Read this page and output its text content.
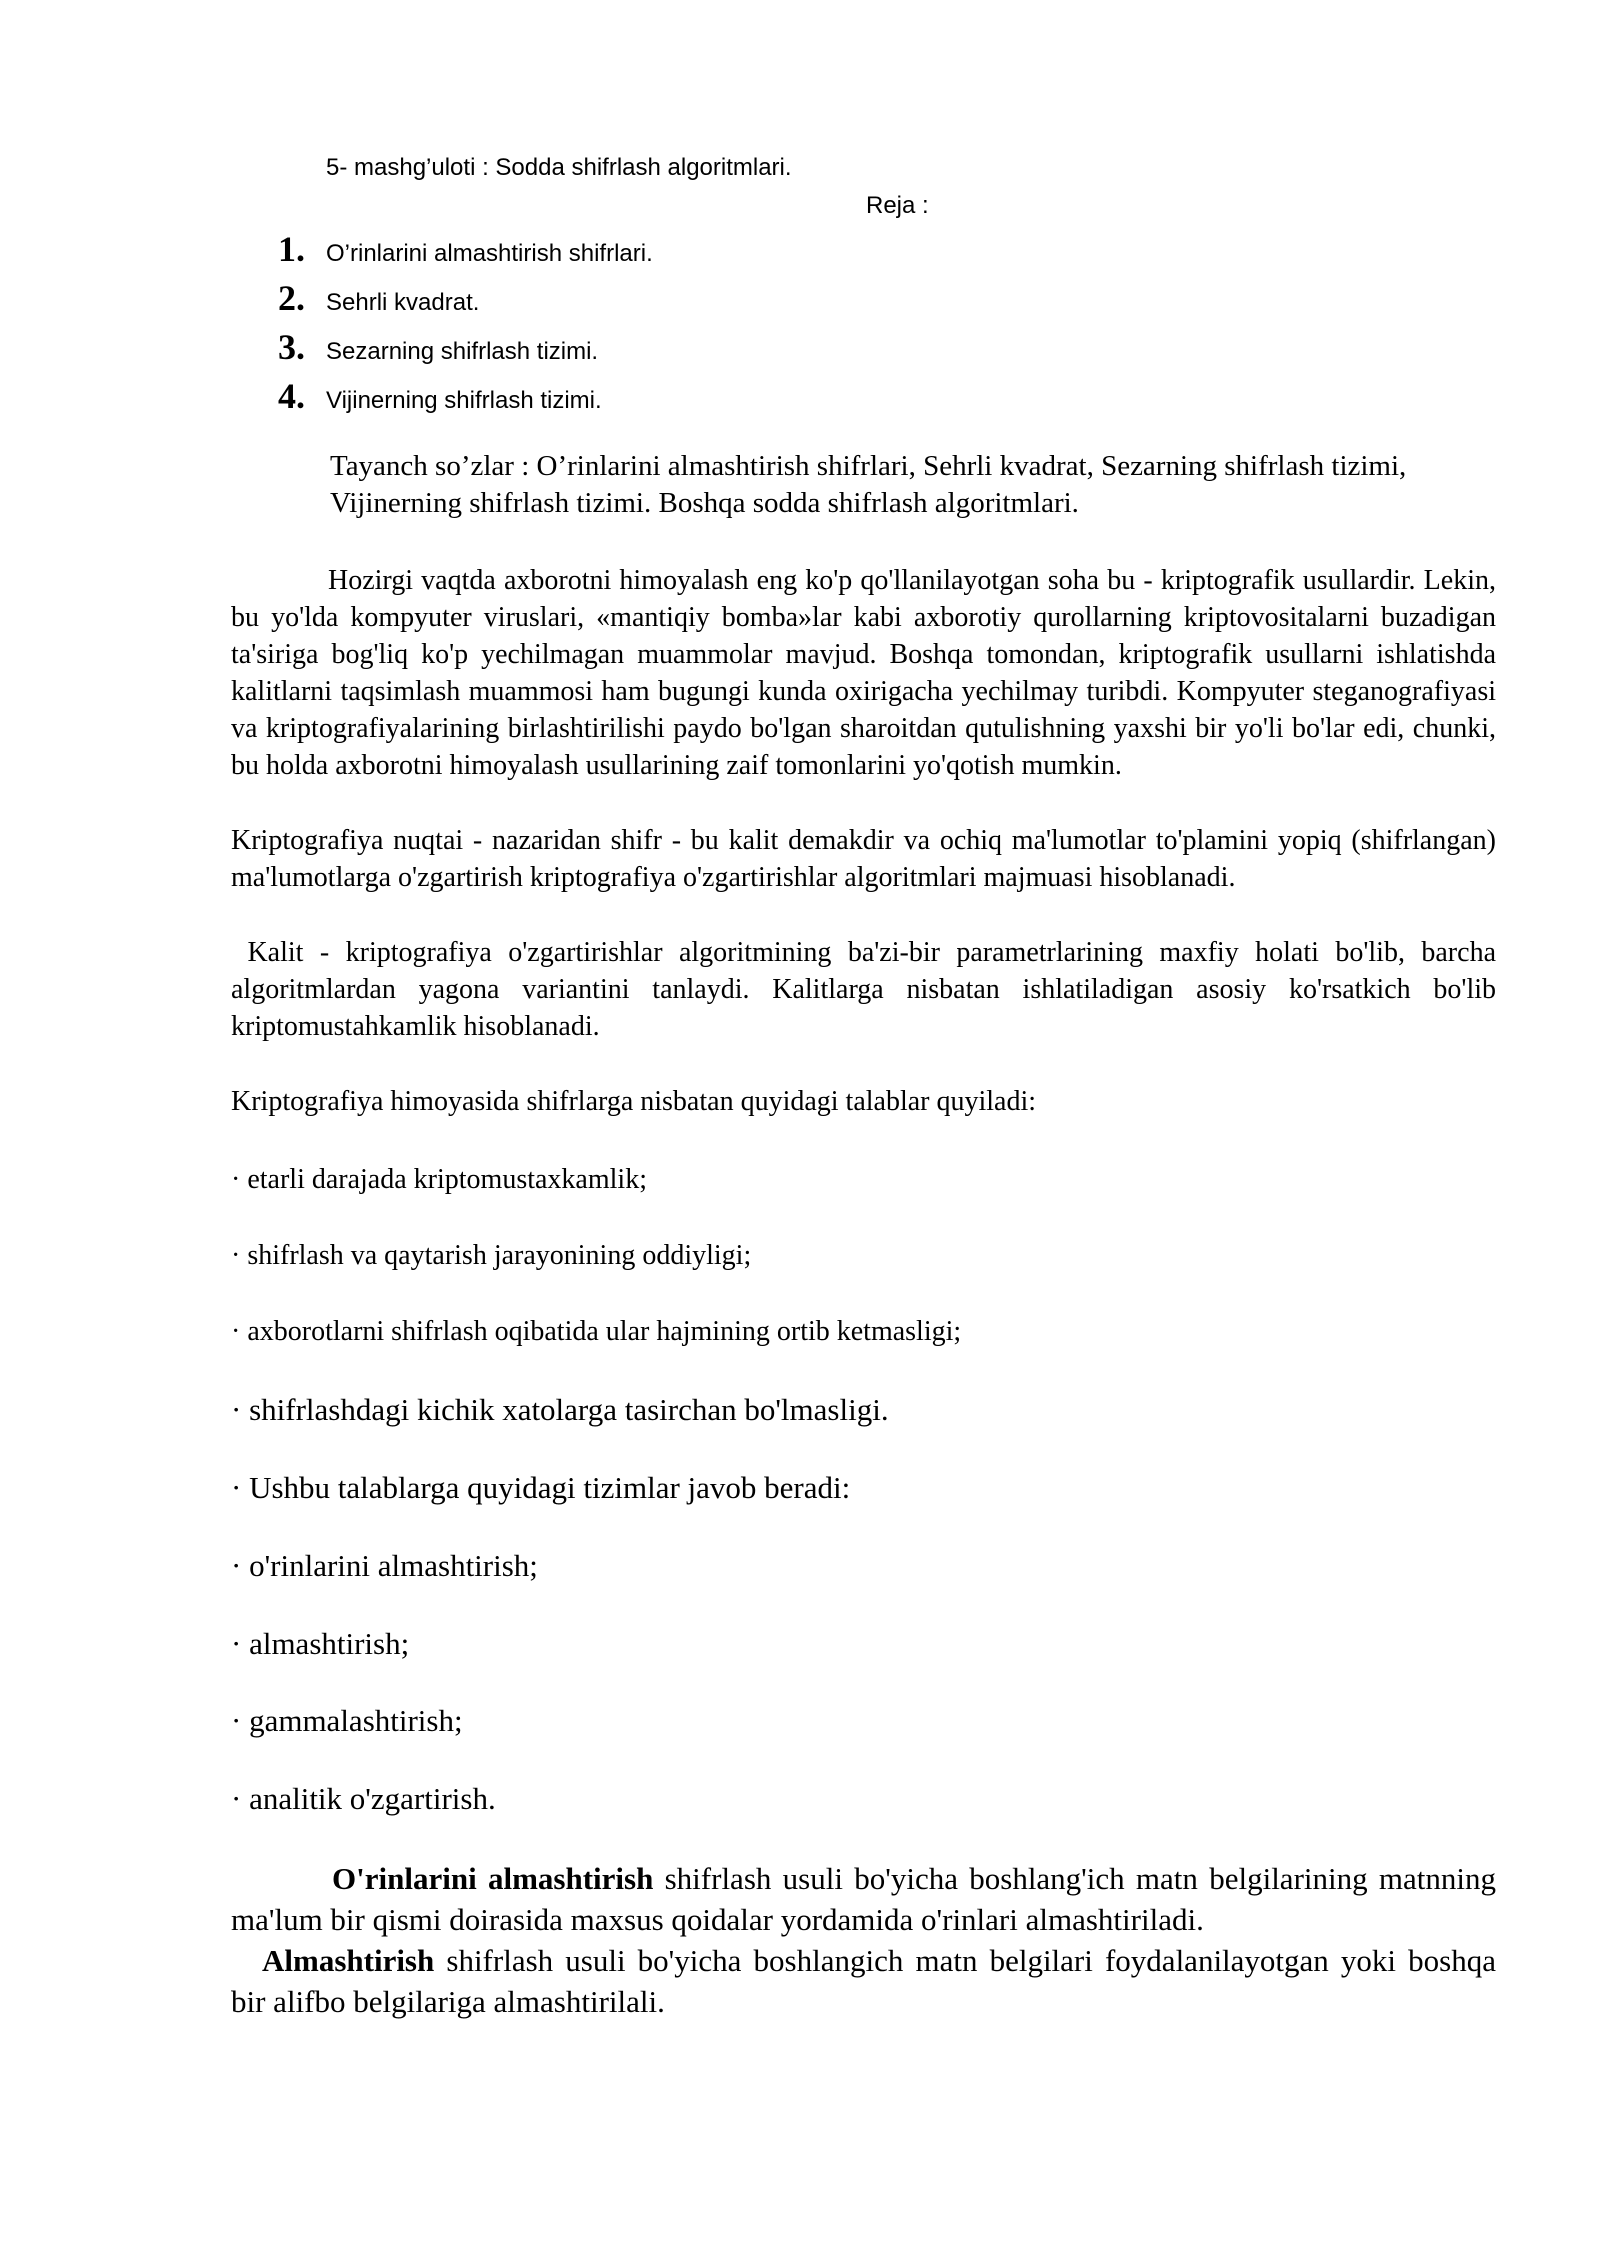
5- mashg’uloti : Sodda shifrlash algoritmlari.
Reja :
1. O’rinlarini almashtirish shifrlari.
2. Sehrli kvadrat.
3. Sezarning shifrlash tizimi.
4. Vijinerning shifrlash tizimi.
Tayanch so’zlar : O’rinlarini almashtirish shifrlari, Sehrli kvadrat, Sezarning shifrlash tizimi, Vijinerning shifrlash tizimi. Boshqa sodda shifrlash algoritmlari.
Hozirgi vaqtda axborotni himoyalash eng ko'p qo'llanilayotgan soha bu - kriptografik usullardir. Lekin, bu yo'lda kompyuter viruslari, «mantiqiy bomba»lar kabi axborotiy qurollarning kriptovositalarni buzadigan ta'siriga bog'liq ko'p yechilmagan muammolar mavjud. Boshqa tomondan, kriptografik usullarni ishlatishda kalitlarni taqsimlash muammosi ham bugungi kunda oxirigacha yechilmay turibdi. Kompyuter steganografiyasi va kriptografiyalarining birlashtirilishi paydo bo'lgan sharoitdan qutulishning yaxshi bir yo'li bo'lar edi, chunki, bu holda axborotni himoyalash usullarining zaif tomonlarini yo'qotish mumkin.
Kriptografiya nuqtai - nazaridan shifr - bu kalit demakdir va ochiq ma'lumotlar to'plamini yopiq (shifrlangan) ma'lumotlarga o'zgartirish kriptografiya o'zgartirishlar algoritmlari majmuasi hisoblanadi.
Kalit - kriptografiya o'zgartirishlar algoritmining ba'zi-bir parametrlarining maxfiy holati bo'lib, barcha algoritmlardan yagona variantini tanlaydi. Kalitlarga nisbatan ishlatiladigan asosiy ko'rsatkich bo'lib kriptomustahkamlik hisoblanadi.
Kriptografiya himoyasida shifrlarga nisbatan quyidagi talablar quyiladi:
· etarli darajada kriptomustaxkamlik;
· shifrlash va qaytarish jarayonining oddiyligi;
· axborotlarni shifrlash oqibatida ular hajmining ortib ketmasligi;
· shifrlashdagi kichik xatolarga tasirchan bo'lmasligi.
· Ushbu talablarga quyidagi tizimlar javob beradi:
· o'rinlarini almashtirish;
· almashtirish;
· gammalashtirish;
· analitik o'zgartirish.
O'rinlarini almashtirish shifrlash usuli bo'yicha boshlang'ich matn belgilarining matnning ma'lum bir qismi doirasida maxsus qoidalar yordamida o'rinlari almashtiriladi.
Almashtirish shifrlash usuli bo'yicha boshlangich matn belgilari foydalanilayotgan yoki boshqa bir alifbo belgilariga almashtirilali.
